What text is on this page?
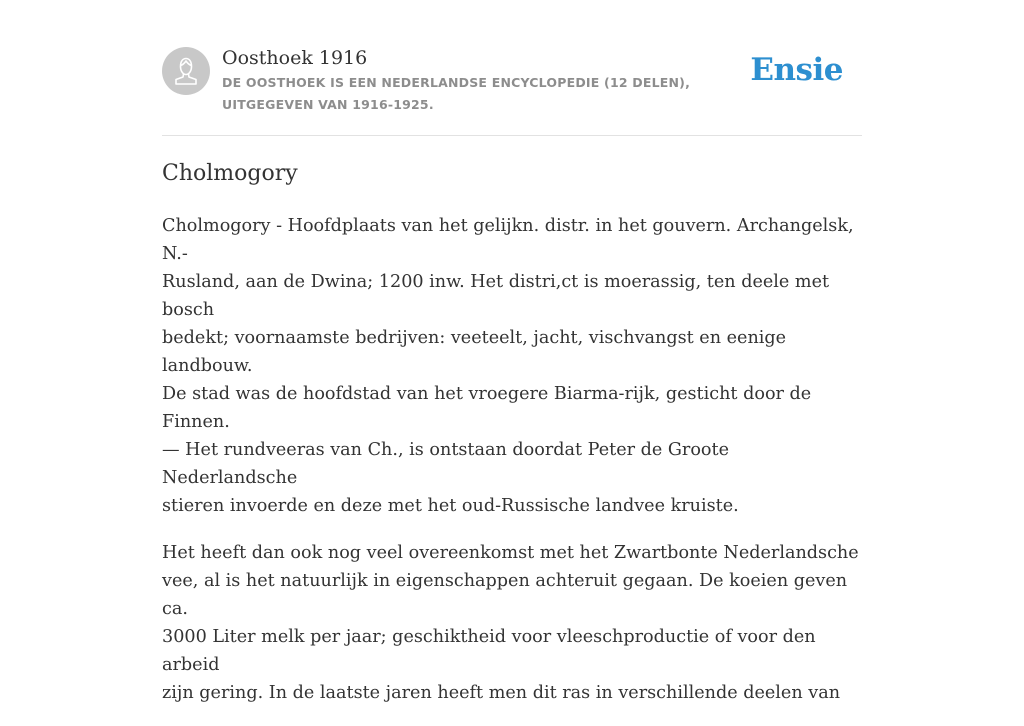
Oosthoek 1916
DE OOSTHOEK IS EEN NEDERLANDSE ENCYCLOPEDIE (12 DELEN), UITGEGEVEN VAN 1916-1925.
Ensie
Cholmogory

Cholmogory - Hoofdplaats van het gelijkn. distr. in het gouvern. Archangelsk, N.-
Rusland, aan de Dwina; 1200 inw. Het distri,ct is moerassig, ten deele met bosch
bedekt; voornaamste bedrijven: veeteelt, jacht, vischvangst en eenige landbouw.
De stad was de hoofdstad van het vroegere Biarma-rijk, gesticht door de Finnen.
— Het rundveeras van Ch., is ontstaan doordat Peter de Groote Nederlandsche
stieren invoerde en deze met het oud-Russische landvee kruiste.

Het heeft dan ook nog veel overeenkomst met het Zwartbonte Nederlandsche
vee, al is het natuurlijk in eigenschappen achteruit gegaan. De koeien geven ca.
3000 Liter melk per jaar; geschiktheid voor vleeschproductie of voor den arbeid
zijn gering. In de laatste jaren heeft men dit ras in verschillende deelen van
